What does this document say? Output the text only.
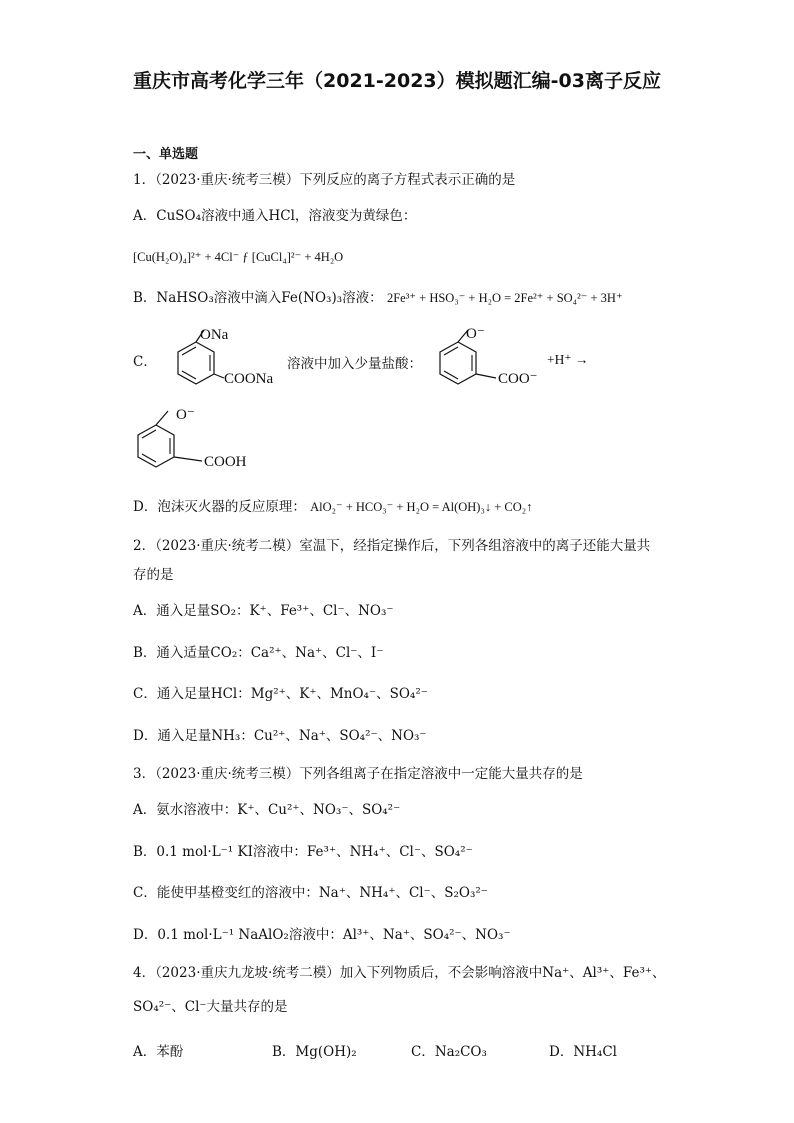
重庆市高考化学三年（2021-2023）模拟题汇编-03离子反应
一、单选题
1．（2023·重庆·统考三模）下列反应的离子方程式表示正确的是
A．CuSO₄溶液中通入HCl，溶液变为黄绿色：
[Cu(H₂O)₄]²⁺ + 4Cl⁻ ƒ [CuCl₄]²⁻ + 4H₂O
B．NaHSO₃溶液中滴入Fe(NO₃)₃溶液： 2Fe³⁺ + HSO₃⁻ + H₂O = 2Fe²⁺ + SO₄²⁻ + 3H⁺
C．
ONa
COONa
溶液中加入少量盐酸：
O⁻
COO⁻
+H⁺ →
O⁻
COOH
D．泡沫灭火器的反应原理： AlO₂⁻ + HCO₃⁻ + H₂O = Al(OH)₃↓ + CO₂↑
2．（2023·重庆·统考二模）室温下，经指定操作后，下列各组溶液中的离子还能大量共
存的是
A．通入足量SO₂：K⁺、Fe³⁺、Cl⁻、NO₃⁻
B．通入适量CO₂：Ca²⁺、Na⁺、Cl⁻、I⁻
C．通入足量HCl：Mg²⁺、K⁺、MnO₄⁻、SO₄²⁻
D．通入足量NH₃：Cu²⁺、Na⁺、SO₄²⁻、NO₃⁻
3．（2023·重庆·统考三模）下列各组离子在指定溶液中一定能大量共存的是
A．氨水溶液中：K⁺、Cu²⁺、NO₃⁻、SO₄²⁻
B．0.1 mol·L⁻¹ KI溶液中：Fe³⁺、NH₄⁺、Cl⁻、SO₄²⁻
C．能使甲基橙变红的溶液中：Na⁺、NH₄⁺、Cl⁻、S₂O₃²⁻
D．0.1 mol·L⁻¹ NaAlO₂溶液中：Al³⁺、Na⁺、SO₄²⁻、NO₃⁻
4．（2023·重庆九龙坡·统考二模）加入下列物质后，不会影响溶液中Na⁺、Al³⁺、Fe³⁺、
SO₄²⁻、Cl⁻大量共存的是
A．苯酚	B．Mg(OH)₂	C．Na₂CO₃	D．NH₄Cl
